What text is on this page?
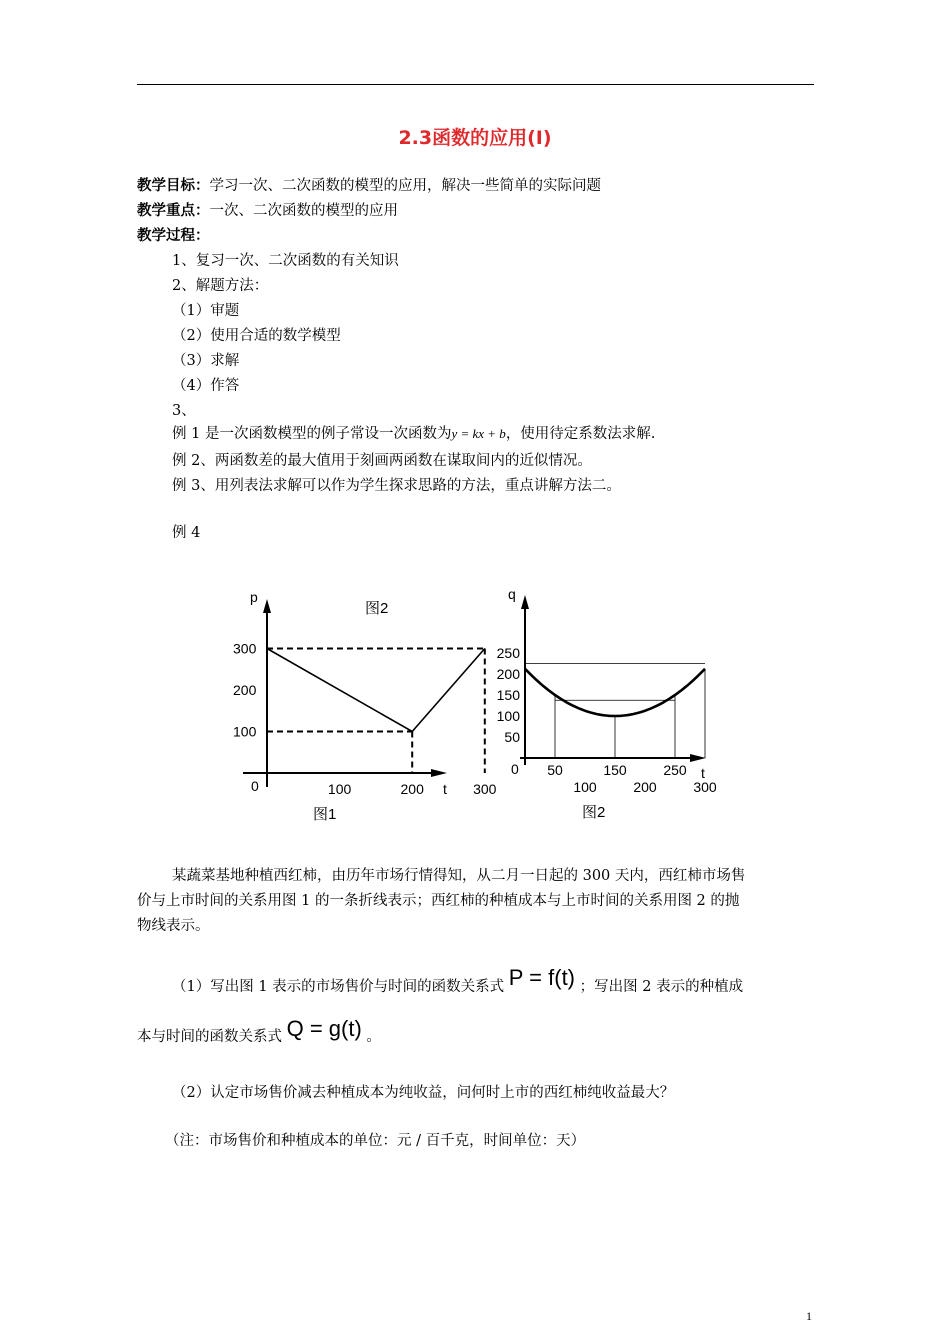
2.3函数的应用(Ⅰ)
教学目标：学习一次、二次函数的模型的应用，解决一些简单的实际问题
教学重点：一次、二次函数的模型的应用
教学过程：
1、复习一次、二次函数的有关知识
2、解题方法：
（1）审题
（2）使用合适的数学模型
（3）求解
（4）作答
3、
例 1 是一次函数模型的例子常设一次函数为y = kx + b，使用待定系数法求解.
例 2、两函数差的最大值用于刻画两函数在谋取间内的近似情况。
例 3、用列表法求解可以作为学生探求思路的方法，重点讲解方法二。
例 4
p
t
0
图2
图1
100	200	300
100
200
300
q
t
0
图2
50
100
150
200
250
50	150	250
100	200	300
某蔬菜基地种植西红柿，由历年市场行情得知，从二月一日起的 300 天内，西红柿市场售
价与上市时间的关系用图 1 的一条折线表示；西红柿的种植成本与上市时间的关系用图 2 的抛
物线表示。
（1）写出图 1 表示的市场售价与时间的函数关系式 P = f(t) ；写出图 2 表示的种植成
本与时间的函数关系式 Q = g(t) 。
（2）认定市场售价减去种植成本为纯收益，问何时上市的西红柿纯收益最大？
（注：市场售价和种植成本的单位：元 / 百千克，时间单位：天）
1
